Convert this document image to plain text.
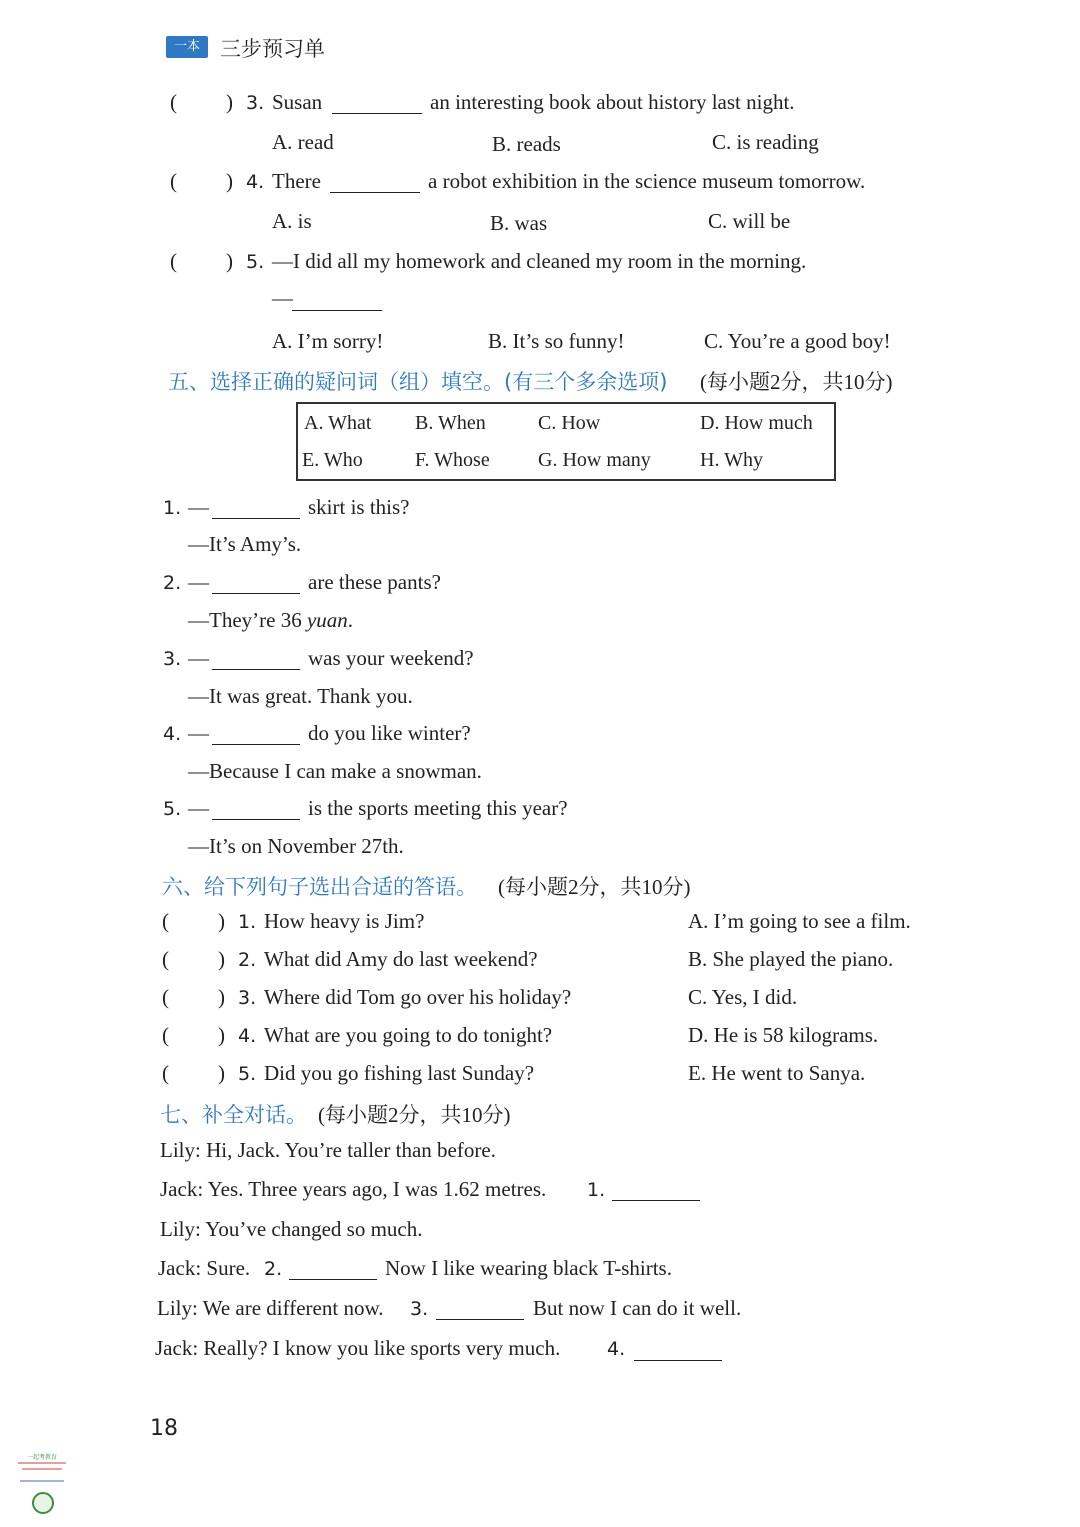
一本 三步预习单
( ) 3. Susan	an interesting book about history last night.
A. read	B. reads	C. is reading
( ) 4. There	a robot exhibition in the science museum tomorrow.
A. is	B. was	C. will be
( ) 5. —I did all my homework and cleaned my room in the morning.
—
A. I’m sorry!	B. It’s so funny!	C. You’re a good boy!
五、选择正确的疑问词（组）填空。(有三个多余选项) (每小题2分，共10分)
A. What B. When	C. How	D. How much
E. Who	F. Whose G. How many H. Why
1. —	skirt is this?
—It’s Amy’s.
2. —	are these pants?
—They’re 36 yuan.
3. —	was your weekend?
—It was great. Thank you.
4. —	do you like winter?
—Because I can make a snowman.
5. —	is the sports meeting this year?
—It’s on November 27th.
六、给下列句子选出合适的答语。 (每小题2分，共10分)
( ) 1. How heavy is Jim?	A. I’m going to see a film.
( ) 2. What did Amy do last weekend?	B. She played the piano.
( ) 3. Where did Tom go over his holiday?	C. Yes, I did.
( ) 4. What are you going to do tonight?	D. He is 58 kilograms.
( ) 5. Did you go fishing last Sunday?	E. He went to Sanya.
七、补全对话。 (每小题2分，共10分)
Lily: Hi, Jack. You’re taller than before.
Jack: Yes. Three years ago, I was 1.62 metres. 1.
Lily: You’ve changed so much.
Jack: Sure. 2.	Now I like wearing black T-shirts.
Lily: We are different now. 3.	But now I can do it well.
Jack: Really? I know you like sports very much. 4.
18
一起考教育
